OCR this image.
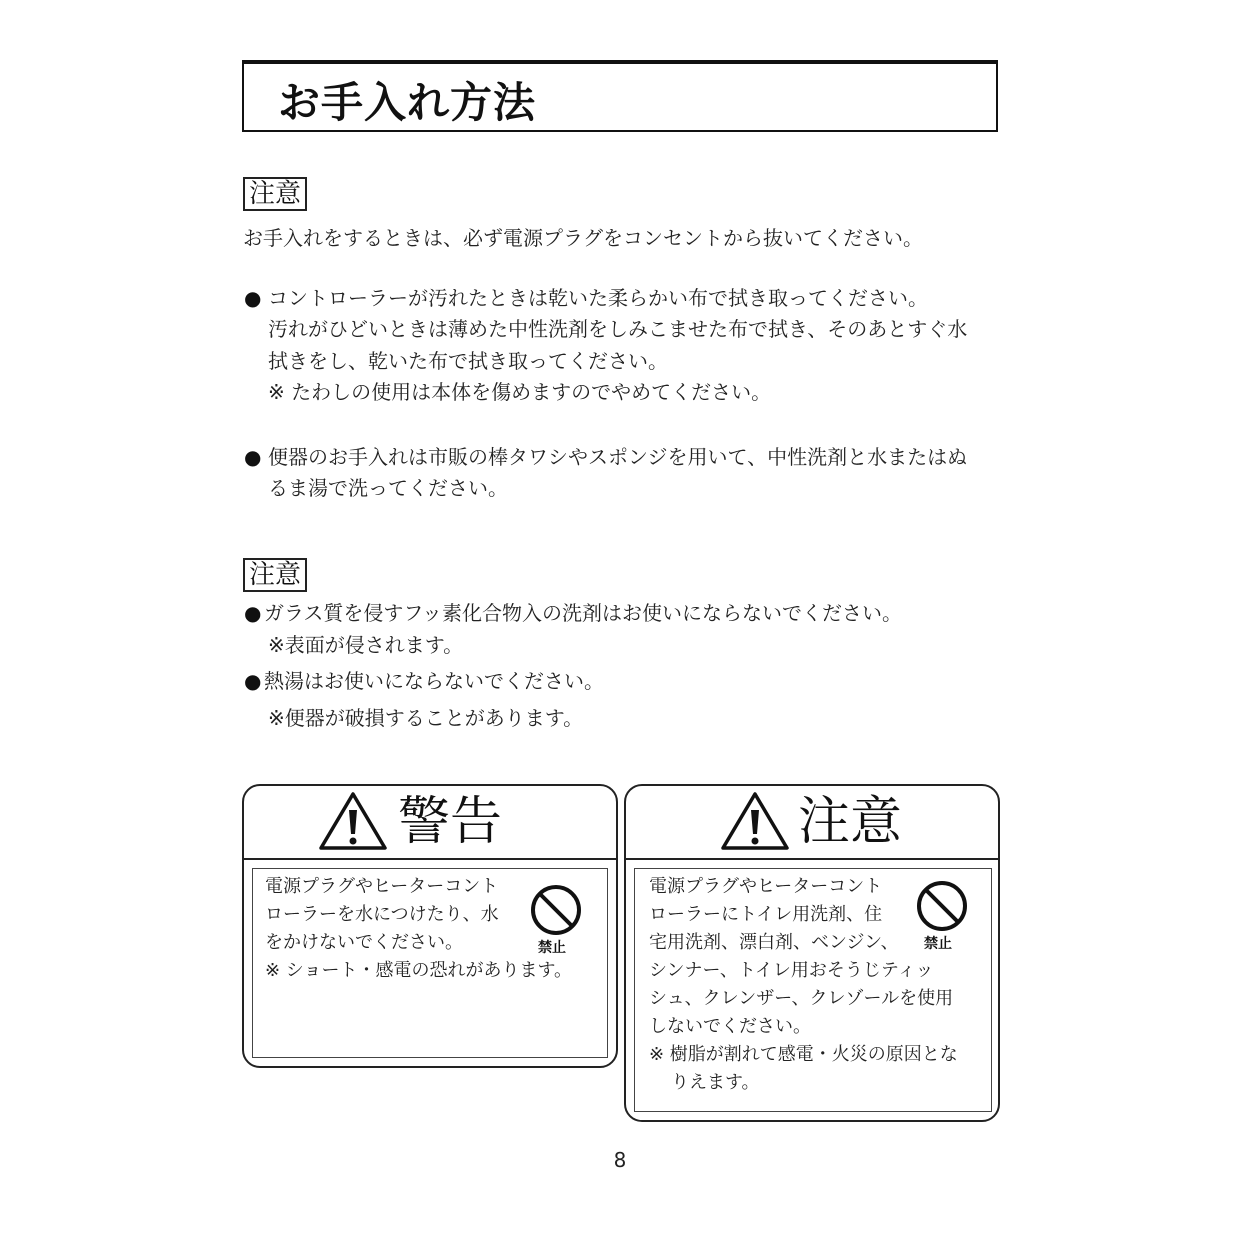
お手入れ方法
注意
お手入れをするときは、必ず電源プラグをコンセントから抜いてください。
● コントローラーが汚れたときは乾いた柔らかい布で拭き取ってください。
汚れがひどいときは薄めた中性洗剤をしみこませた布で拭き、そのあとすぐ水
拭きをし、乾いた布で拭き取ってください。
※ たわしの使用は本体を傷めますのでやめてください。
● 便器のお手入れは市販の棒タワシやスポンジを用いて、中性洗剤と水またはぬ
るま湯で洗ってください。
注意
● ガラス質を侵すフッ素化合物入の洗剤はお使いにならないでください。
※表面が侵されます。
● 熱湯はお使いにならないでください。
※便器が破損することがあります。
警告
電源プラグやヒーターコント
ローラーを水につけたり、水
をかけないでください。
※ ショート・感電の恐れがあります。
禁止
注意
電源プラグやヒーターコント
ローラーにトイレ用洗剤、住
宅用洗剤、漂白剤、ベンジン、
シンナー、トイレ用おそうじティッ
シュ、クレンザー、クレゾールを使用
しないでください。
※ 樹脂が割れて感電・火災の原因とな
りえます。
禁止
8
